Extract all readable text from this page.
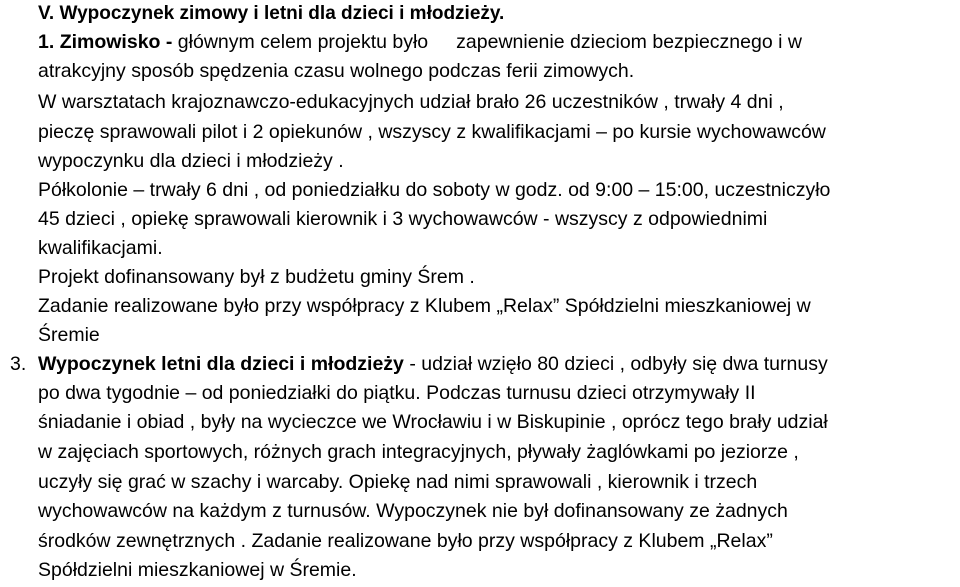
V. Wypoczynek zimowy i letni dla dzieci i młodzieży.
1. Zimowisko - głównym celem projektu było zapewnienie dzieciom bezpiecznego i w
atrakcyjny sposób spędzenia czasu wolnego podczas ferii zimowych.
W warsztatach krajoznawczo-edukacyjnych udział brało 26 uczestników , trwały 4 dni ,
pieczę sprawowali pilot i 2 opiekunów , wszyscy z kwalifikacjami – po kursie wychowawców
wypoczynku dla dzieci i młodzieży .
Półkolonie – trwały 6 dni , od poniedziałku do soboty w godz. od 9:00 – 15:00, uczestniczyło
45 dzieci , opiekę sprawowali kierownik i 3 wychowawców - wszyscy z odpowiednimi
kwalifikacjami.
Projekt dofinansowany był z budżetu gminy Śrem .
Zadanie realizowane było przy współpracy z Klubem „Relax” Spółdzielni mieszkaniowej w
Śremie
3. Wypoczynek letni dla dzieci i młodzieży - udział wzięło 80 dzieci , odbyły się dwa turnusy
po dwa tygodnie – od poniedziałki do piątku. Podczas turnusu dzieci otrzymywały II
śniadanie i obiad , były na wycieczce we Wrocławiu i w Biskupinie , oprócz tego brały udział
w zajęciach sportowych, różnych grach integracyjnych, pływały żaglówkami po jeziorze ,
uczyły się grać w szachy i warcaby. Opiekę nad nimi sprawowali , kierownik i trzech
wychowawców na każdym z turnusów. Wypoczynek nie był dofinansowany ze żadnych
środków zewnętrznych . Zadanie realizowane było przy współpracy z Klubem „Relax”
Spółdzielni mieszkaniowej w Śremie.
